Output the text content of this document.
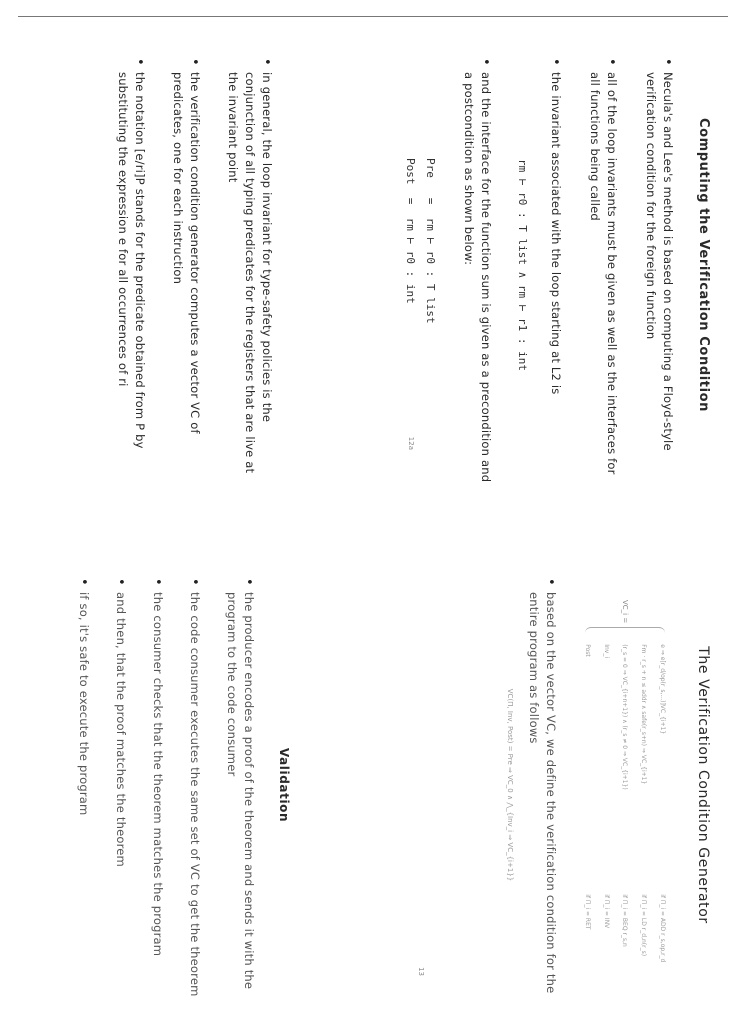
Computing the Verification Condition
• Necula's and Lee's method is based on computing a Floyd-style verification condition for the foreign function
• all of the loop invariants must be given as well as the interfaces for all functions being called
• the invariant associated with the loop starting at L2 is
rm ⊢ r0 : T list ∧ rm ⊢ r1 : int
• and the interface for the function sum is given as a precondition and a postcondition as shown below:
Pre   =  rm ⊢ r0 : T list
Post  =  rm ⊢ r0 : int
12a
The Verification Condition Generator
VC_i =
e ⇒ e[r_d/op(r_s,...)]VC_{i+1}
if Π_i = ADD r_s,op,r_d
Fm · r_s + n ≤ addr ∧ safe(r_s+n) ⇒ VC_{i+1}
if Π_i = LD r_d,n(r_s)
(r_s = 0 ⇒ VC_{i+n+1}) ∧ (r_s ≠ 0 ⇒ VC_{i+1})
if Π_i = BEQ r_s,n
Inv_i
if Π_i = INV
Post
if Π_i = RET
• based on the vector VC, we define the verification condition for the entire program as follows
VC(Π, Inv, Post) = Pre ⇒ VC_0 ∧ ⋀_{Inv_i ⇒ VC_{i+1}}
13
• in general, the loop invariant for type-safety policies is the conjunction of all typing predicates for the registers that are live at the invariant point
• the verification condition generator computes a vector VC of predicates, one for each instruction
• the notation [e/ri]P stands for the predicate obtained from P by substituting the expression e for all occurrences of ri
Validation
• the producer encodes a proof of the theorem and sends it with the program to the code consumer
• the code consumer executes the same set of VC to get the theorem
• the consumer checks that the theorem matches the program
• and then, that the proof matches the theorem
• if so, it's safe to execute the program
